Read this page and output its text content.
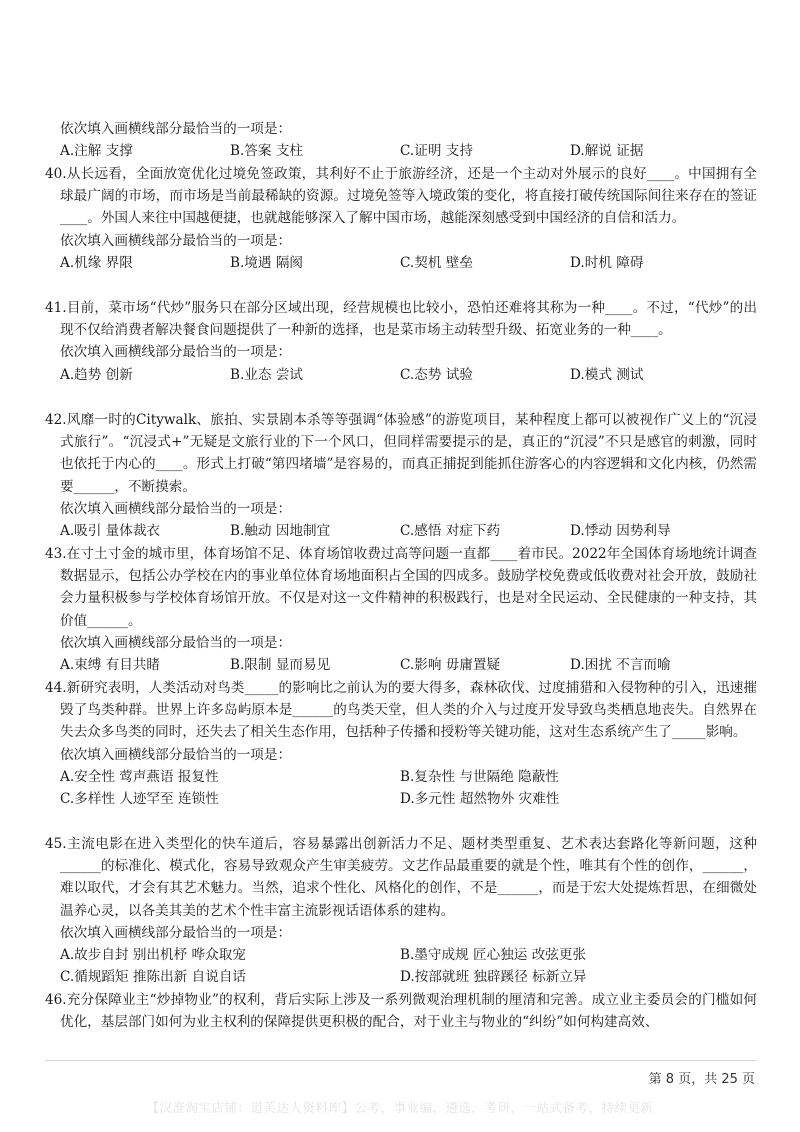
依次填入画横线部分最恰当的一项是：

A.注解 支撑	B.答案 支柱	C.证明 支持	D.解说 证据

40.从长远看，全面放宽优化过境免签政策，其利好不止于旅游经济，还是一个主动对外展示的良好____。中国拥有全球最广阔的市场，而市场是当前最稀缺的资源。过境免签等入境政策的变化，将直接打破传统国际间往来存在的签证____。外国人来往中国越便捷，也就越能够深入了解中国市场，越能深刻感受到中国经济的自信和活力。

依次填入画横线部分最恰当的一项是：

A.机缘 界限	B.境遇 隔阂	C.契机 壁垒	D.时机 障碍

41.目前，菜市场“代炒”服务只在部分区域出现，经营规模也比较小，恐怕还难将其称为一种____。不过，“代炒”的出现不仅给消费者解决餐食问题提供了一种新的选择，也是菜市场主动转型升级、拓宽业务的一种____。

依次填入画横线部分最恰当的一项是：

A.趋势 创新	B.业态 尝试	C.态势 试验	D.模式 测试

42.风靡一时的Citywalk、旅拍、实景剧本杀等等强调“体验感”的游览项目，某种程度上都可以被视作广义上的“沉浸式旅行”。“沉浸式+”无疑是文旅行业的下一个风口，但同样需要提示的是，真正的“沉浸”不只是感官的刺激，同时也依托于内心的____。形式上打破“第四堵墙”是容易的，而真正捕捉到能抓住游客心的内容逻辑和文化内核，仍然需要______，不断摸索。

依次填入画横线部分最恰当的一项是：

A.吸引 量体裁衣	B.触动 因地制宜	C.感悟 对症下药	D.悸动 因势利导

43.在寸土寸金的城市里，体育场馆不足、体育场馆收费过高等问题一直都____着市民。2022年全国体育场地统计调查数据显示，包括公办学校在内的事业单位体育场地面积占全国的四成多。鼓励学校免费或低收费对社会开放，鼓励社会力量积极参与学校体育场馆开放。不仅是对这一文件精神的积极践行，也是对全民运动、全民健康的一种支持，其价值______。

依次填入画横线部分最恰当的一项是：

A.束缚 有目共睹	B.限制 显而易见	C.影响 毋庸置疑	D.困扰 不言而喻

44.新研究表明，人类活动对鸟类_____的影响比之前认为的要大得多，森林砍伐、过度捕猎和入侵物种的引入，迅速摧毁了鸟类种群。世界上许多岛屿原本是______的鸟类天堂，但人类的介入与过度开发导致鸟类栖息地丧失。自然界在失去众多鸟类的同时，还失去了相关生态作用，包括种子传播和授粉等关键功能，这对生态系统产生了_____影响。

依次填入画横线部分最恰当的一项是：

A.安全性 莺声燕语 报复性	B.复杂性 与世隔绝 隐蔽性
C.多样性 人迹罕至 连锁性	D.多元性 超然物外 灾难性

45.主流电影在进入类型化的快车道后，容易暴露出创新活力不足、题材类型重复、艺术表达套路化等新问题，这种______的标准化、模式化，容易导致观众产生审美疲劳。文艺作品最重要的就是个性，唯其有个性的创作，______，难以取代，才会有其艺术魅力。当然，追求个性化、风格化的创作，不是______，而是于宏大处提炼哲思，在细微处温养心灵，以各美其美的艺术个性丰富主流影视话语体系的建构。

依次填入画横线部分最恰当的一项是：

A.故步自封 别出机杼 哗众取宠	B.墨守成规 匠心独运 改弦更张
C.循规蹈矩 推陈出新 自说自话	D.按部就班 独辟蹊径 标新立异

46.充分保障业主“炒掉物业”的权利，背后实际上涉及一系列微观治理机制的厘清和完善。成立业主委员会的门槛如何优化，基层部门如何为业主权利的保障提供更积极的配合，对于业主与物业的“纠纷”如何构建高效、

第 8 页，共 25 页
【汉准淘宝店铺：道芙达人资料库】公考，事业编，遴选，考研，一站式备考，持续更新
